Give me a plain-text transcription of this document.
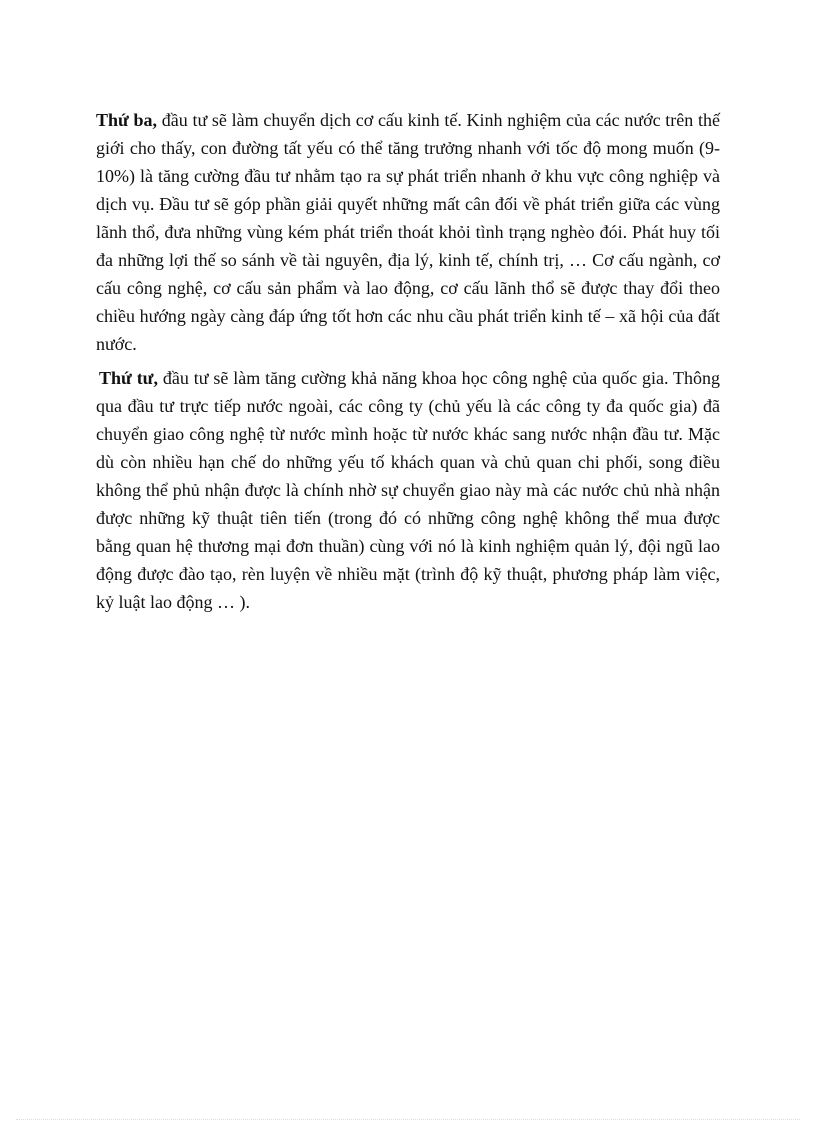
Thứ ba, đầu tư sẽ làm chuyển dịch cơ cấu kinh tế. Kinh nghiệm của các nước trên thế giới cho thấy, con đường tất yếu có thể tăng trưởng nhanh với tốc độ mong muốn (9-10%) là tăng cường đầu tư nhằm tạo ra sự phát triển nhanh ở khu vực công nghiệp và dịch vụ. Đầu tư sẽ góp phần giải quyết những mất cân đối về phát triển giữa các vùng lãnh thổ, đưa những vùng kém phát triển thoát khỏi tình trạng nghèo đói. Phát huy tối đa những lợi thế so sánh về tài nguyên, địa lý, kinh tế, chính trị, … Cơ cấu ngành, cơ cấu công nghệ, cơ cấu sản phẩm và lao động, cơ cấu lãnh thổ sẽ được thay đổi theo chiều hướng ngày càng đáp ứng tốt hơn các nhu cầu phát triển kinh tế – xã hội của đất nước.

Thứ tư, đầu tư sẽ làm tăng cường khả năng khoa học công nghệ của quốc gia. Thông qua đầu tư trực tiếp nước ngoài, các công ty (chủ yếu là các công ty đa quốc gia) đã chuyển giao công nghệ từ nước mình hoặc từ nước khác sang nước nhận đầu tư. Mặc dù còn nhiều hạn chế do những yếu tố khách quan và chủ quan chi phối, song điều không thể phủ nhận được là chính nhờ sự chuyển giao này mà các nước chủ nhà nhận được những kỹ thuật tiên tiến (trong đó có những công nghệ không thể mua được bằng quan hệ thương mại đơn thuần) cùng với nó là kinh nghiệm quản lý, đội ngũ lao động được đào tạo, rèn luyện về nhiều mặt (trình độ kỹ thuật, phương pháp làm việc, kỷ luật lao động … ).
